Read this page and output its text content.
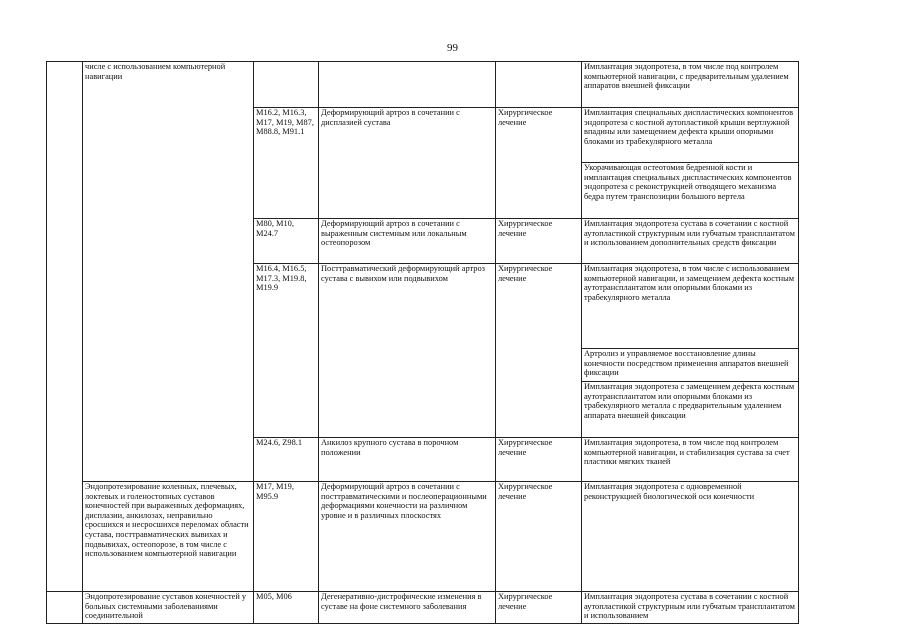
99

	числе с использованием компьютерной навигации				Имплантация эндопротеза, в том числе под контролем компьютерной навигации, с предварительным удалением аппаратов внешней фиксации

		M16.2, M16.3, M17, M19, M87, M88.8, M91.1	Деформирующий артроз в сочетании с дисплазией сустава	Хирургическое лечение	Имплантация специальных диспластических компонентов эндопротеза с костной аутопластикой крыши вертлужной впадины или замещением дефекта крыши опорными блоками из трабекулярного металла

					Укорачивающая остеотомия бедренной кости и имплантация специальных диспластических компонентов эндопротеза с реконструкцией отводящего механизма бедра путем транспозиции большого вертела

		M80, M10, M24.7	Деформирующий артроз в сочетании с выраженным системным или локальным остеопорозом	Хирургическое лечение	Имплантация эндопротеза сустава в сочетании с костной аутопластикой структурным или губчатым трансплантатом и использованием дополнительных средств фиксации

		M16.4, M16.5, M17.3, M19.8, M19.9	Посттравматический деформирующий артроз сустава с вывихом или подвывихом	Хирургическое лечение	Имплантация эндопротеза, в том числе с использованием компьютерной навигации, и замещением дефекта костным аутотрансплантатом или опорными блоками из трабекулярного металла

					Артролиз и управляемое восстановление длины конечности посредством применения аппаратов внешней фиксации

					Имплантация эндопротеза с замещением дефекта костным аутотрансплантатом или опорными блоками из трабекулярного металла с предварительным удалением аппарата внешней фиксации

		M24.6, Z98.1	Анкилоз крупного сустава в порочном положении	Хирургическое лечение	Имплантация эндопротеза, в том числе под контролем компьютерной навигации, и стабилизация сустава за счет пластики мягких тканей

	Эндопротезирование коленных, плечевых, локтевых и голеностопных суставов конечностей при выраженных деформациях, дисплазии, анкилозах, неправильно сросшихся и несросшихся переломах области сустава, посттравматических вывихах и подвывихах, остеопорозе, в том числе с использованием компьютерной навигации	M17, M19, M95.9	Деформирующий артроз в сочетании с посттравматическими и послеоперационными деформациями конечности на различном уровне и в различных плоскостях	Хирургическое лечение	Имплантация эндопротеза с одновременной реконструкцией биологической оси конечности

	Эндопротезирование суставов конечностей у больных системными заболеваниями соединительной	M05, M06	Дегенеративно-дистрофические изменения в суставе на фоне системного заболевания	Хирургическое лечение	Имплантация эндопротеза сустава в сочетании с костной аутопластикой структурным или губчатым трансплантатом и использованием
